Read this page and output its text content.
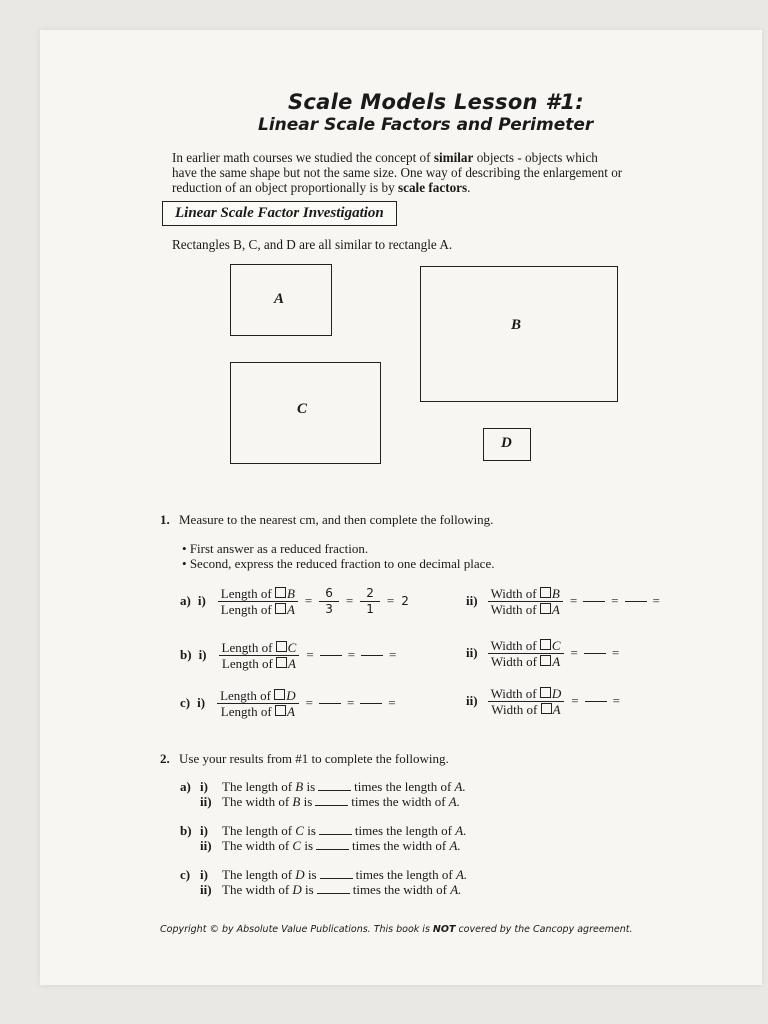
Scale Models Lesson #1:
Linear Scale Factors and Perimeter
In earlier math courses we studied the concept of similar objects - objects which
have the same shape but not the same size. One way of describing the enlargement or
reduction of an object proportionally is by scale factors.
Linear Scale Factor Investigation
Rectangles B, C, and D are all similar to rectangle A.
A
B
C
D
1. Measure to the nearest cm, and then complete the following.
• First answer as a reduced fraction.
• Second, express the reduced fraction to one decimal place.
a) $i) \frac{\text{Length of B}}{\text{Length of A}} = \frac{6}{3} = \frac{2}{1} = 2$	$ii) \frac{\text{Width of B}}{\text{Width of A}}$ =	=	=
b) $i) \frac{\text{Length of C}}{\text{Length of A}}$ =	=	=	$ii) \frac{\text{Width of C}}{\text{Width of A}}$ =	=
c) $i) \frac{\text{Length of D}}{\text{Length of A}}$ =	=	=	$ii) \frac{\text{Width of D}}{\text{Width of A}}$ =	=
2. Use your results from #1 to complete the following.
a) i) The length of B is	times the length of A.
ii) The width of B is	times the width of A.
b) i) The length of C is	times the length of A.
ii) The width of C is	times the width of A.
c) i) The length of D is	times the length of A.
ii) The width of D is	times the width of A.
Copyright © by Absolute Value Publications. This book is NOT covered by the Cancopy agreement.
